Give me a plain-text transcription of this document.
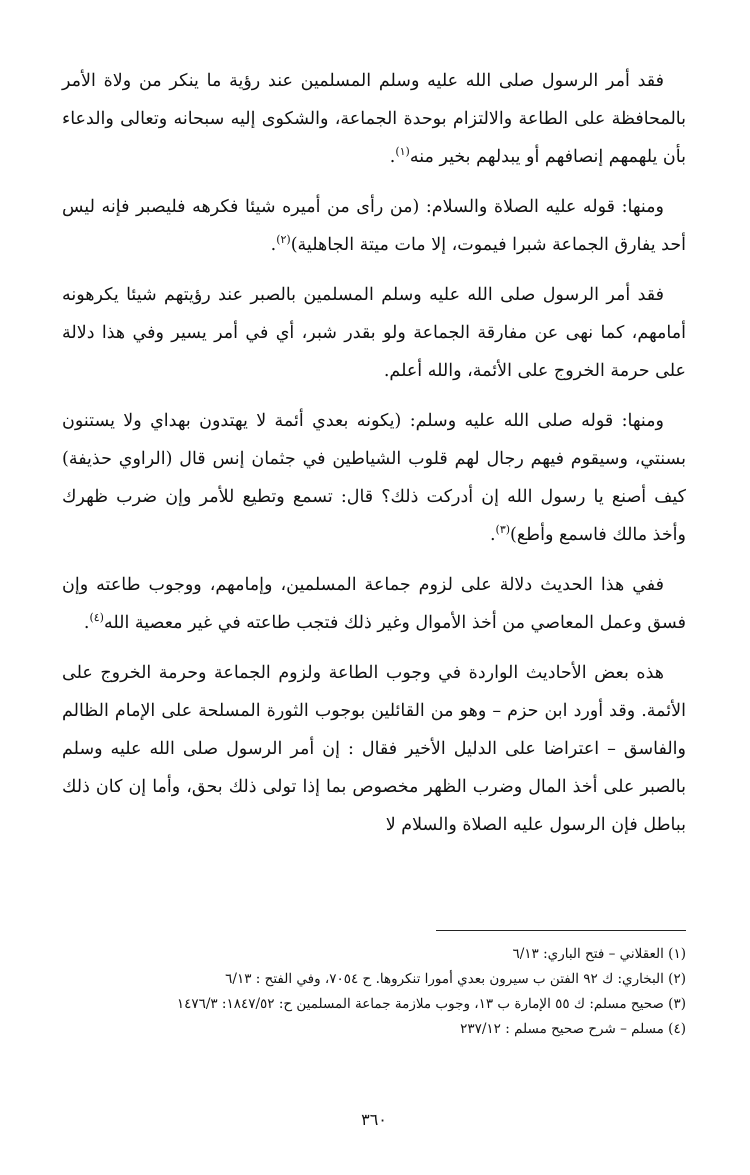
فقد أمر الرسول صلى الله عليه وسلم المسلمين عند رؤية ما ينكر من ولاة الأمر بالمحافظة على الطاعة والالتزام بوحدة الجماعة، والشكوى إليه سبحانه وتعالى والدعاء بأن يلهمهم إنصافهم أو يبدلهم بخير منه$^{(١)}$.

ومنها: قوله عليه الصلاة والسلام: (من رأى من أميره شيئا فكرهه فليصبر فإنه ليس أحد يفارق الجماعة شبرا فيموت، إلا مات ميتة الجاهلية)$^{(٢)}$.

فقد أمر الرسول صلى الله عليه وسلم المسلمين بالصبر عند رؤيتهم شيئا يكرهونه أمامهم، كما نهى عن مفارقة الجماعة ولو بقدر شبر، أي في أمر يسير وفي هذا دلالة على حرمة الخروج على الأئمة، والله أعلم.

ومنها: قوله صلى الله عليه وسلم: (يكونه بعدي أئمة لا يهتدون بهداي ولا يستنون بسنتي، وسيقوم فيهم رجال لهم قلوب الشياطين في جثمان إنس قال (الراوي حذيفة) كيف أصنع يا رسول الله إن أدركت ذلك؟ قال: تسمع وتطيع للأمر وإن ضرب ظهرك وأخذ مالك فاسمع وأطع)$^{(٣)}$.

ففي هذا الحديث دلالة على لزوم جماعة المسلمين، وإمامهم، ووجوب طاعته وإن فسق وعمل المعاصي من أخذ الأموال وغير ذلك فتجب طاعته في غير معصية الله$^{(٤)}$.

هذه بعض الأحاديث الواردة في وجوب الطاعة ولزوم الجماعة وحرمة الخروج على الأئمة. وقد أورد ابن حزم – وهو من القائلين بوجوب الثورة المسلحة على الإمام الظالم والفاسق – اعتراضا على الدليل الأخير فقال : إن أمر الرسول صلى الله عليه وسلم بالصبر على أخذ المال وضرب الظهر مخصوص بما إذا تولى ذلك بحق، وأما إن كان ذلك بباطل فإن الرسول عليه الصلاة والسلام لا

(١) العقلاني – فتح الباري: ٦/١٣

(٢) البخاري: ك ٩٢ الفتن ب سيرون بعدي أمورا تنكروها. ح ٧٠٥٤، وفي الفتح : ٦/١٣

(٣) صحيح مسلم: ك ٥٥ الإمارة ب ١٣، وجوب ملازمة جماعة المسلمين ح: ١٨٤٧/٥٢: ١٤٧٦/٣

(٤) مسلم – شرح صحيح مسلم : ٢٣٧/١٢

٣٦٠
